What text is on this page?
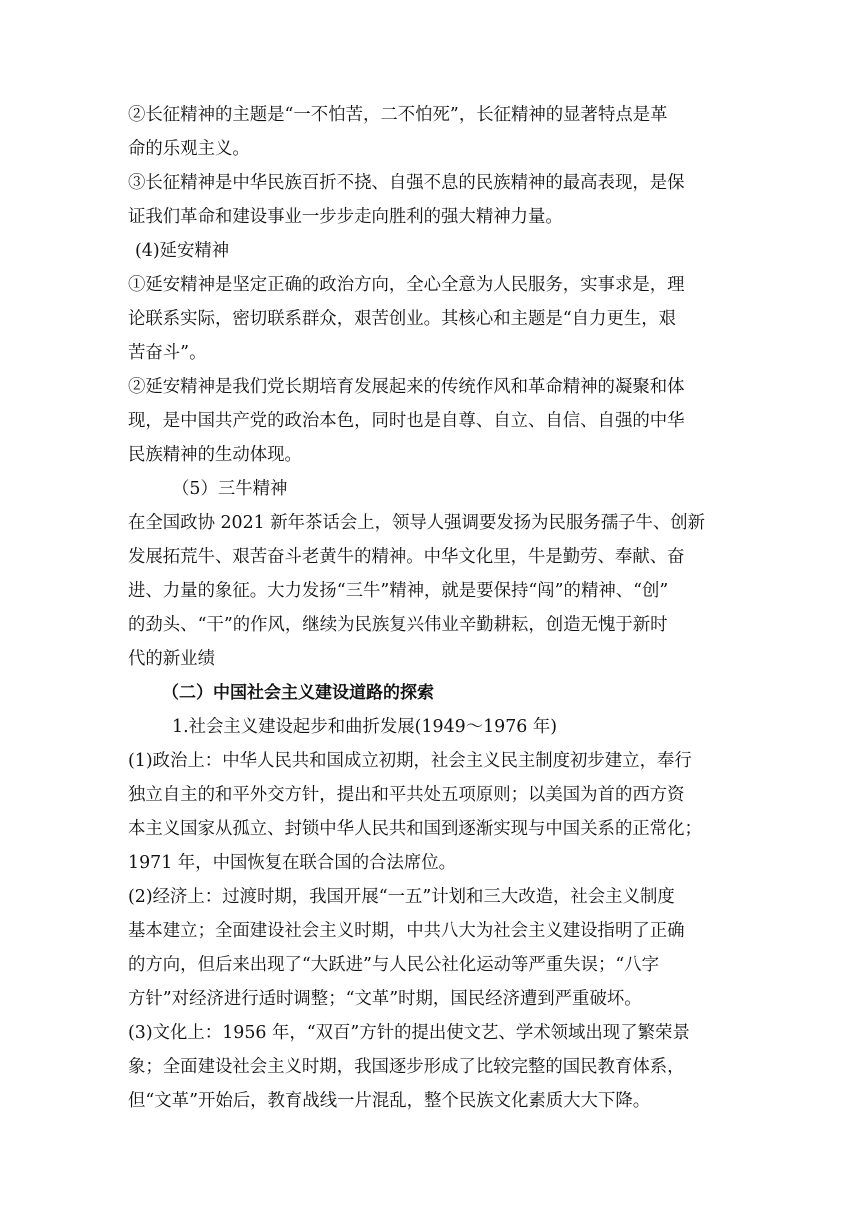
②长征精神的主题是“一不怕苦，二不怕死”，长征精神的显著特点是革
命的乐观主义。
③长征精神是中华民族百折不挠、自强不息的民族精神的最高表现，是保
证我们革命和建设事业一步步走向胜利的强大精神力量。
(4)延安精神
①延安精神是坚定正确的政治方向，全心全意为人民服务，实事求是，理
论联系实际，密切联系群众，艰苦创业。其核心和主题是“自力更生，艰
苦奋斗”。
②延安精神是我们党长期培育发展起来的传统作风和革命精神的凝聚和体
现，是中国共产党的政治本色，同时也是自尊、自立、自信、自强的中华
民族精神的生动体现。
（5）三牛精神
在全国政协 2021 新年茶话会上，领导人强调要发扬为民服务孺子牛、创新
发展拓荒牛、艰苦奋斗老黄牛的精神。中华文化里，牛是勤劳、奉献、奋
进、力量的象征。大力发扬“三牛”精神，就是要保持“闯”的精神、“创”
的劲头、“干”的作风，继续为民族复兴伟业辛勤耕耘，创造无愧于新时
代的新业绩
（二）中国社会主义建设道路的探索
1.社会主义建设起步和曲折发展(1949～1976 年)
(1)政治上：中华人民共和国成立初期，社会主义民主制度初步建立，奉行
独立自主的和平外交方针，提出和平共处五项原则；以美国为首的西方资
本主义国家从孤立、封锁中华人民共和国到逐渐实现与中国关系的正常化；
1971 年，中国恢复在联合国的合法席位。
(2)经济上：过渡时期，我国开展“一五”计划和三大改造，社会主义制度
基本建立；全面建设社会主义时期，中共八大为社会主义建设指明了正确
的方向，但后来出现了“大跃进”与人民公社化运动等严重失误；“八字
方针”对经济进行适时调整；“文革”时期，国民经济遭到严重破坏。
(3)文化上：1956 年，“双百”方针的提出使文艺、学术领域出现了繁荣景
象；全面建设社会主义时期，我国逐步形成了比较完整的国民教育体系，
但“文革”开始后，教育战线一片混乱，整个民族文化素质大大下降。
